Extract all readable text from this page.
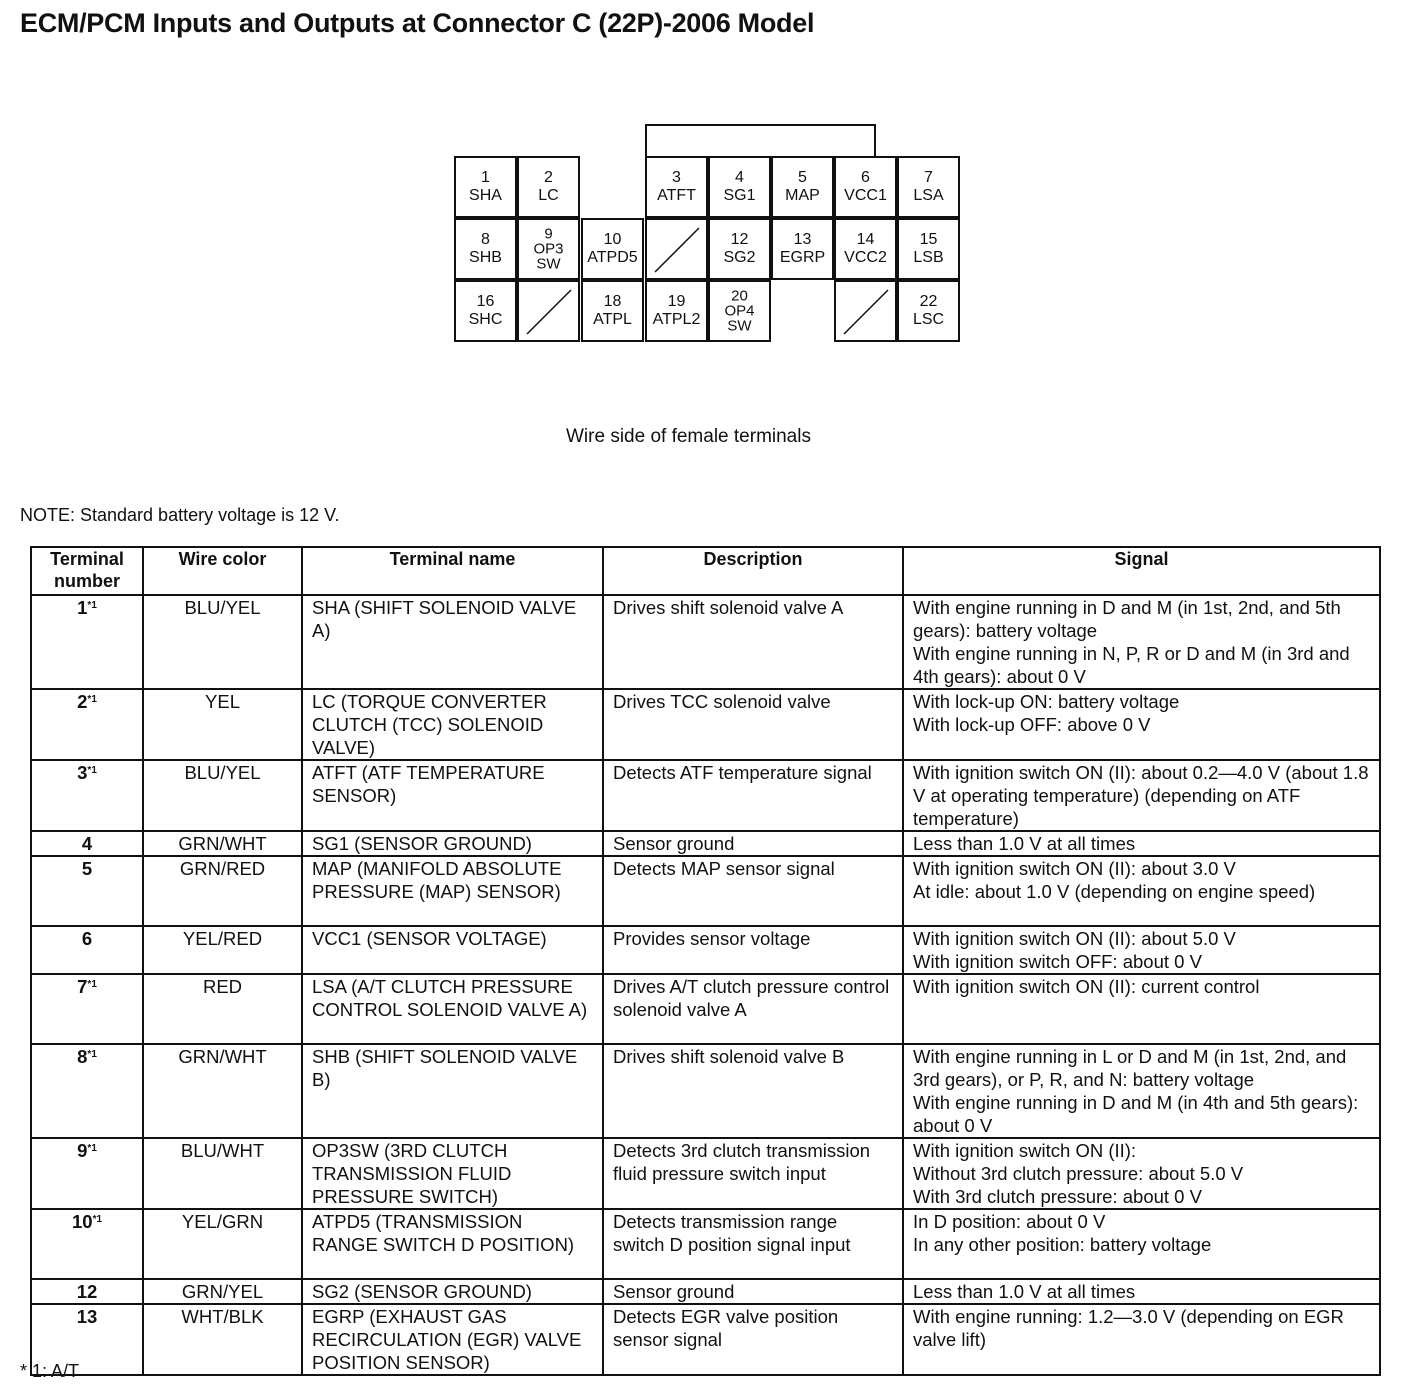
ECM/PCM Inputs and Outputs at Connector C (22P)-2006 Model
1
SHA
2
LC
3
ATFT
4
SG1
5
MAP
6
VCC1
7
LSA
8
SHB
9
OP3
SW
10
ATPD5
12
SG2
13
EGRP
14
VCC2
15
LSB
16
SHC
18
ATPL
19
ATPL2
20
OP4
SW
22
LSC
Wire side of female terminals
NOTE: Standard battery voltage is 12 V.
Terminal
number	Wire color	Terminal name	Description	Signal
1$^{*1}$	BLU/YEL	SHA (SHIFT SOLENOID VALVE A)	Drives shift solenoid valve A	With engine running in D and M (in 1st, 2nd, and 5th gears): battery voltage
With engine running in N, P, R or D and M (in 3rd and 4th gears): about 0 V

2$^{*1}$	YEL	LC (TORQUE CONVERTER CLUTCH (TCC) SOLENOID VALVE)	Drives TCC solenoid valve	With lock-up ON: battery voltage
With lock-up OFF: above 0 V

3$^{*1}$	BLU/YEL	ATFT (ATF TEMPERATURE SENSOR)	Detects ATF temperature signal	With ignition switch ON (II): about 0.2—4.0 V (about 1.8 V at operating temperature) (depending on ATF temperature)

4	GRN/WHT	SG1 (SENSOR GROUND)	Sensor ground	Less than 1.0 V at all times

5	GRN/RED	MAP (MANIFOLD ABSOLUTE PRESSURE (MAP) SENSOR)	Detects MAP sensor signal	With ignition switch ON (II): about 3.0 V
At idle: about 1.0 V (depending on engine speed)

6	YEL/RED	VCC1 (SENSOR VOLTAGE)	Provides sensor voltage	With ignition switch ON (II): about 5.0 V
With ignition switch OFF: about 0 V

7$^{*1}$	RED	LSA (A/T CLUTCH PRESSURE CONTROL SOLENOID VALVE A)	Drives A/T clutch pressure control solenoid valve A	With ignition switch ON (II): current control

8$^{*1}$	GRN/WHT	SHB (SHIFT SOLENOID VALVE B)	Drives shift solenoid valve B	With engine running in L or D and M (in 1st, 2nd, and 3rd gears), or P, R, and N: battery voltage
With engine running in D and M (in 4th and 5th gears): about 0 V

9$^{*1}$	BLU/WHT	OP3SW (3RD CLUTCH TRANSMISSION FLUID PRESSURE SWITCH)	Detects 3rd clutch transmission fluid pressure switch input	With ignition switch ON (II):
Without 3rd clutch pressure: about 5.0 V
With 3rd clutch pressure: about 0 V

10$^{*1}$	YEL/GRN	ATPD5 (TRANSMISSION RANGE SWITCH D POSITION)	Detects transmission range switch D position signal input	In D position: about 0 V
In any other position: battery voltage

12	GRN/YEL	SG2 (SENSOR GROUND)	Sensor ground	Less than 1.0 V at all times

13	WHT/BLK	EGRP (EXHAUST GAS RECIRCULATION (EGR) VALVE POSITION SENSOR)	Detects EGR valve position sensor signal	With engine running: 1.2—3.0 V (depending on EGR valve lift)
* 1: A/T
